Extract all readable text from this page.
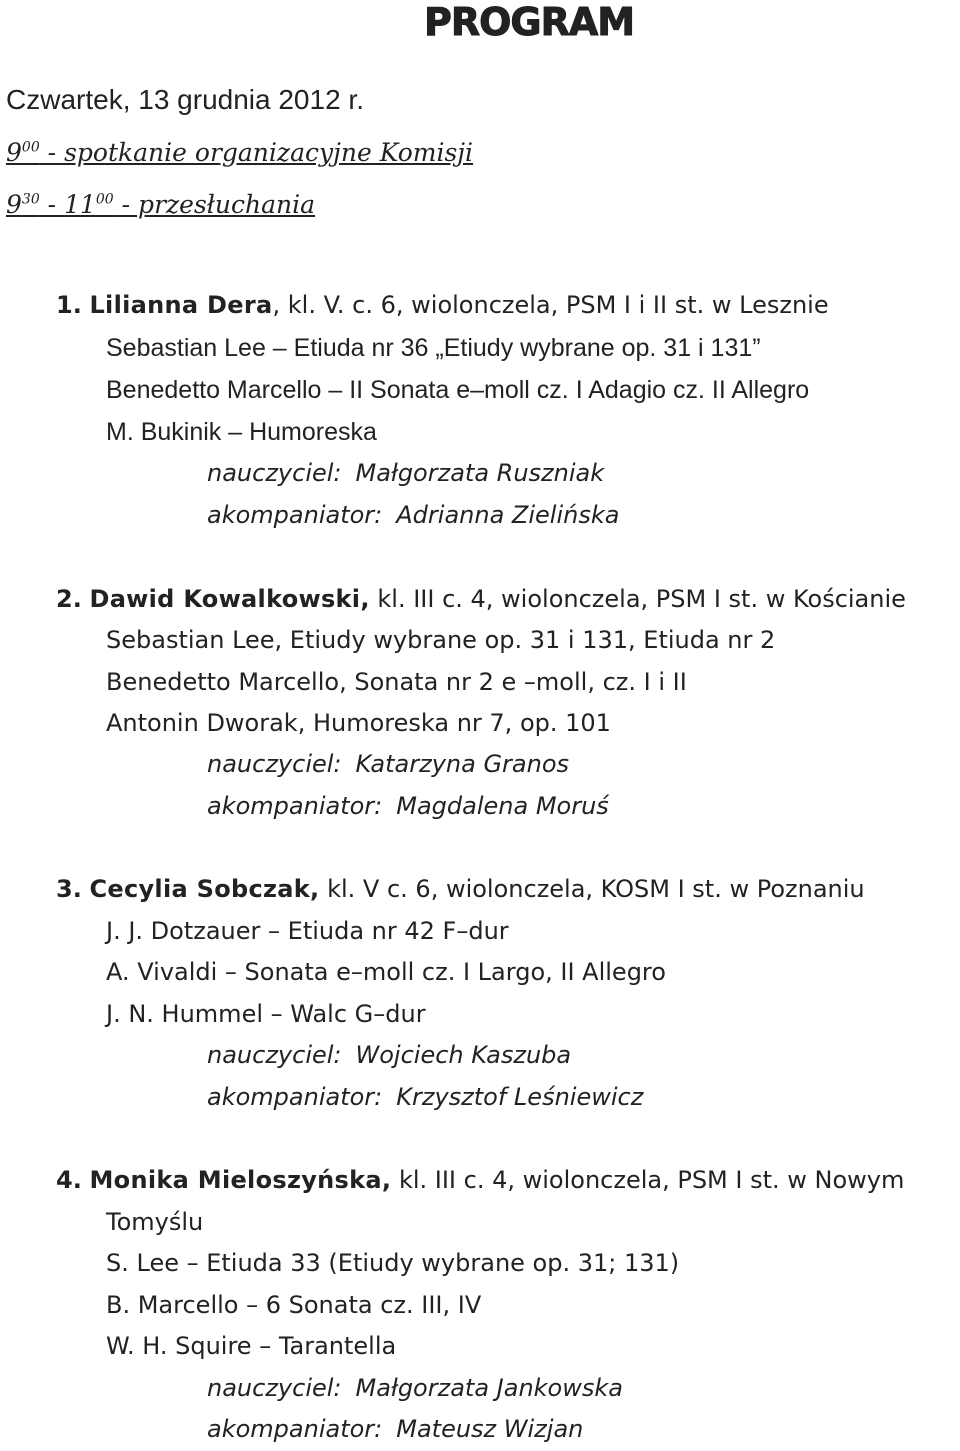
PROGRAM
Czwartek, 13 grudnia 2012 r.
$9^{00}$ - spotkanie organizacyjne Komisji
$9^{30} - 11^{00}$ - przesłuchania
1. Lilianna Dera, kl. V. c. 6, wiolonczela, PSM I i II st. w Lesznie
Sebastian Lee – Etiuda nr 36 „Etiudy wybrane op. 31 i 131”
Benedetto Marcello – II Sonata e–moll cz. I Adagio cz. II Allegro
M. Bukinik – Humoreska
nauczyciel: Małgorzata Ruszniak
akompaniator: Adrianna Zielińska
2. Dawid Kowalkowski, kl. III c. 4, wiolonczela, PSM I st. w Kościanie
Sebastian Lee, Etiudy wybrane op. 31 i 131, Etiuda nr 2
Benedetto Marcello, Sonata nr 2 e –moll, cz. I i II
Antonin Dworak, Humoreska nr 7, op. 101
nauczyciel: Katarzyna Granos
akompaniator: Magdalena Moruś
3. Cecylia Sobczak, kl. V c. 6, wiolonczela, KOSM I st. w Poznaniu
J. J. Dotzauer – Etiuda nr 42 F–dur
A. Vivaldi – Sonata e–moll cz. I Largo, II Allegro
J. N. Hummel – Walc G–dur
nauczyciel: Wojciech Kaszuba
akompaniator: Krzysztof Leśniewicz
4. Monika Mieloszyńska, kl. III c. 4, wiolonczela, PSM I st. w Nowym
Tomyślu
S. Lee – Etiuda 33 (Etiudy wybrane op. 31; 131)
B. Marcello – 6 Sonata cz. III, IV
W. H. Squire – Tarantella
nauczyciel: Małgorzata Jankowska
akompaniator: Mateusz Wizjan
